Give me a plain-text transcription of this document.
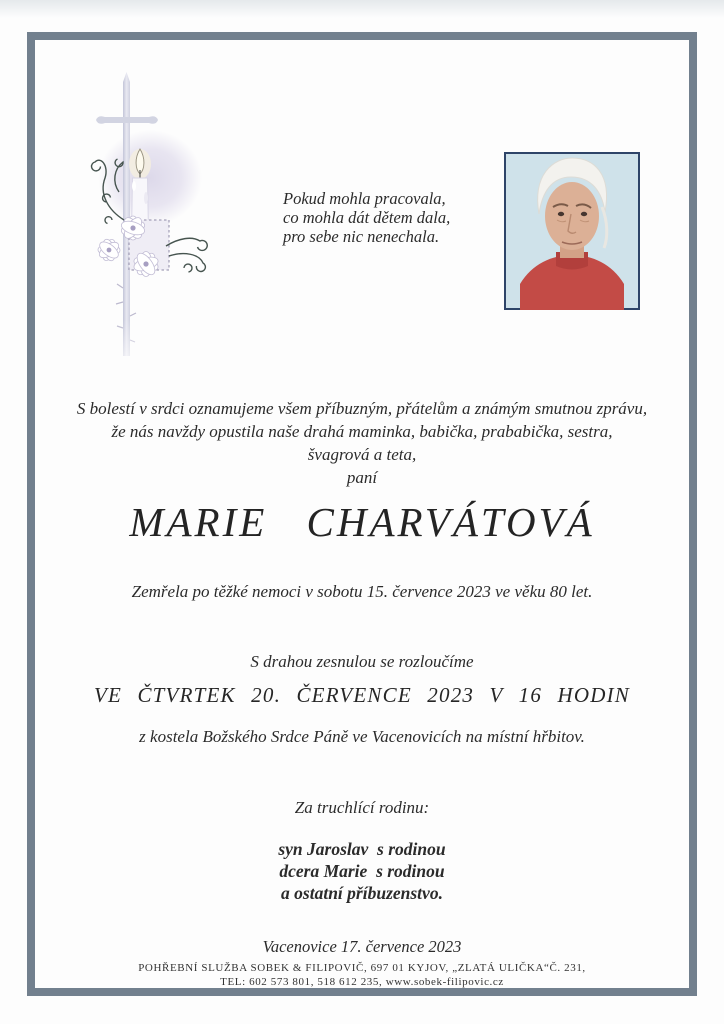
Pokud mohla pracovala,
co mohla dát dětem dala,
pro sebe nic nenechala.
S bolestí v srdci oznamujeme všem příbuzným, přátelům a známým smutnou zprávu,
že nás navždy opustila naše drahá maminka, babička, prababička, sestra,
švagrová a teta,
paní
MARIE CHARVÁTOVÁ
Zemřela po těžké nemoci v sobotu 15. července 2023 ve věku 80 let.
S drahou zesnulou se rozloučíme
VE ČTVRTEK 20. ČERVENCE 2023 V 16 HODIN
z kostela Božského Srdce Páně ve Vacenovicích na místní hřbitov.
Za truchlící rodinu:
syn Jaroslav  s rodinou
dcera Marie  s rodinou
a ostatní příbuzenstvo.
Vacenovice 17. července 2023
POHŘEBNÍ SLUŽBA SOBEK & FILIPOVIČ, 697 01 KYJOV, „ZLATÁ ULIČKA“Č. 231,
TEL: 602 573 801, 518 612 235, www.sobek-filipovic.cz
